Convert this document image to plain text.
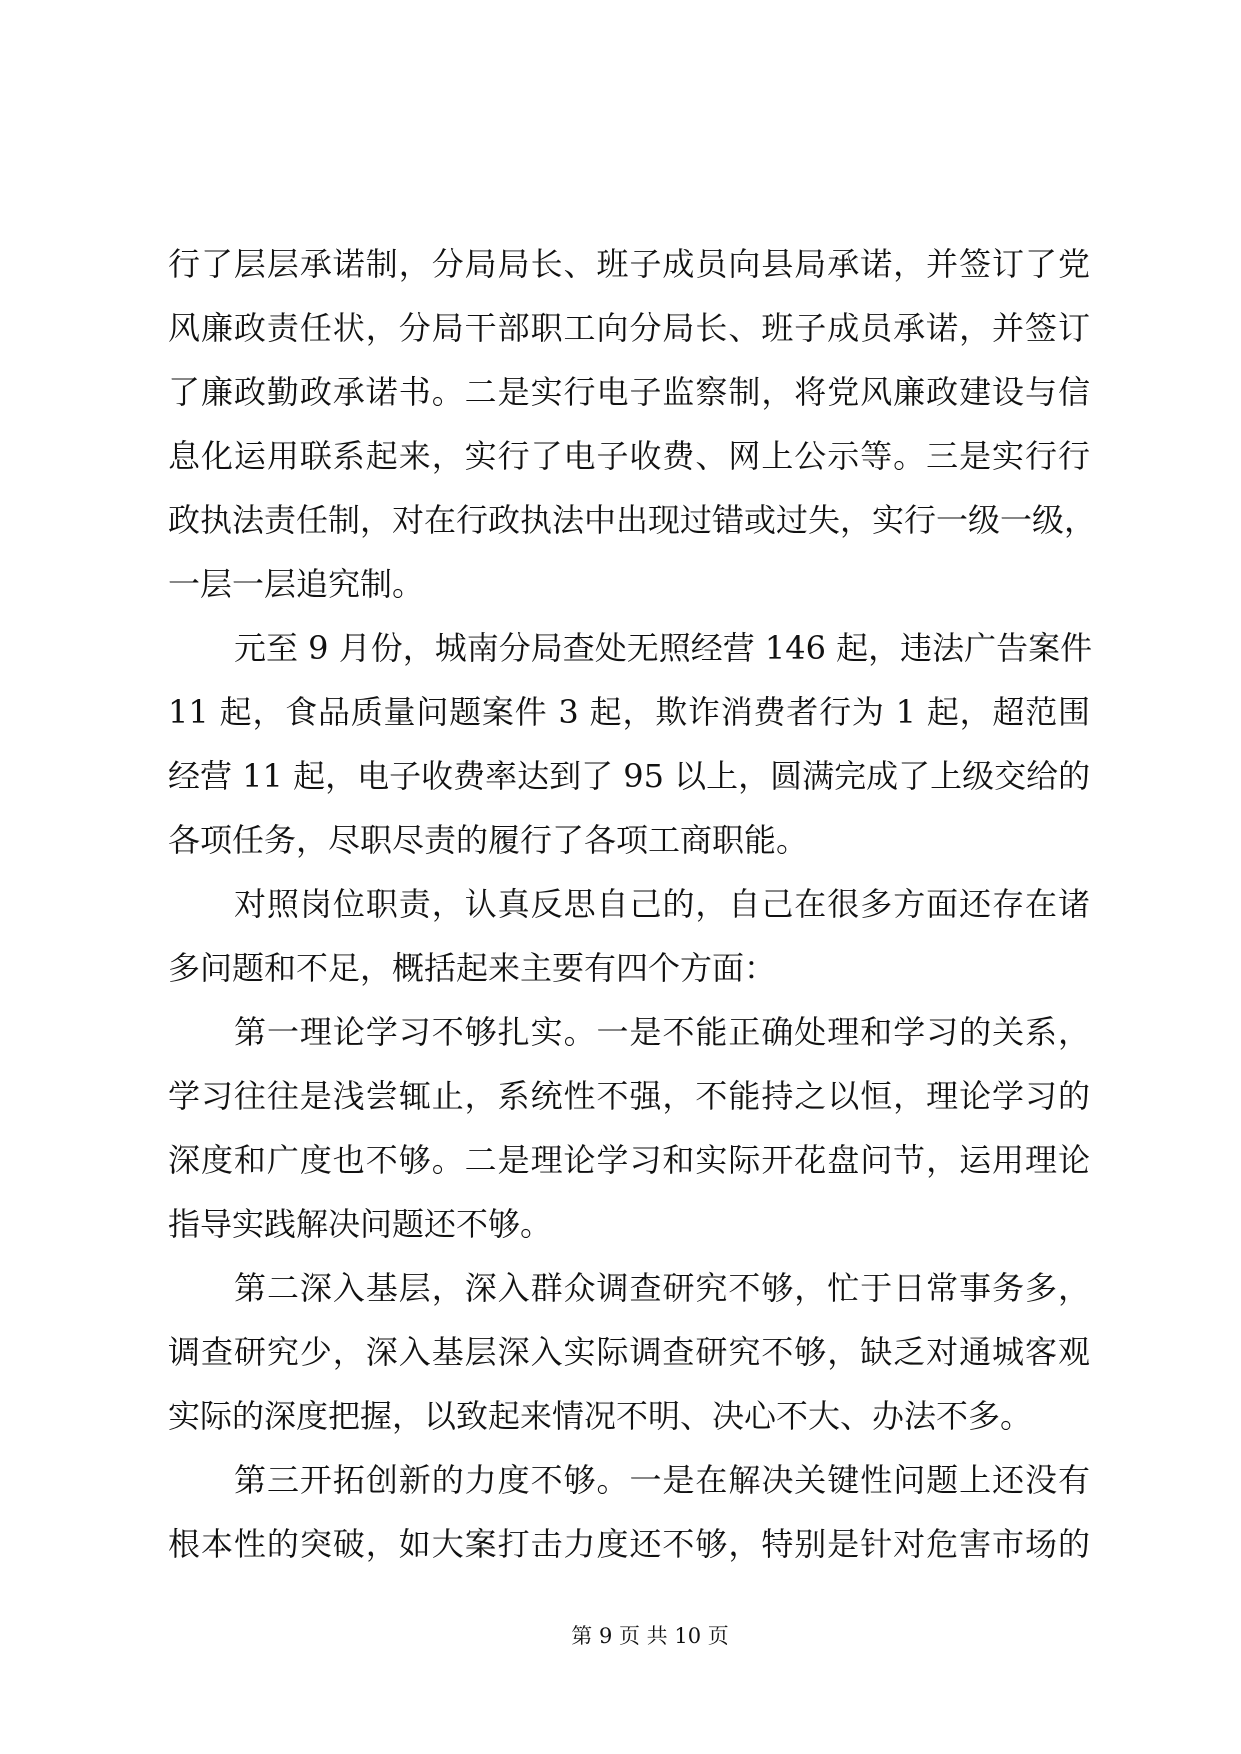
行了层层承诺制，分局局长、班子成员向县局承诺，并签订了党
风廉政责任状，分局干部职工向分局长、班子成员承诺，并签订
了廉政勤政承诺书。二是实行电子监察制，将党风廉政建设与信
息化运用联系起来，实行了电子收费、网上公示等。三是实行行
政执法责任制，对在行政执法中出现过错或过失，实行一级一级，
一层一层追究制。
元至 9 月份，城南分局查处无照经营 146 起，违法广告案件
11 起，食品质量问题案件 3 起，欺诈消费者行为 1 起，超范围
经营 11 起，电子收费率达到了 95 以上，圆满完成了上级交给的
各项任务，尽职尽责的履行了各项工商职能。
对照岗位职责，认真反思自己的，自己在很多方面还存在诸
多问题和不足，概括起来主要有四个方面：
第一理论学习不够扎实。一是不能正确处理和学习的关系，
学习往往是浅尝辄止，系统性不强，不能持之以恒，理论学习的
深度和广度也不够。二是理论学习和实际开花盘问节，运用理论
指导实践解决问题还不够。
第二深入基层，深入群众调查研究不够，忙于日常事务多，
调查研究少，深入基层深入实际调查研究不够，缺乏对通城客观
实际的深度把握，以致起来情况不明、决心不大、办法不多。
第三开拓创新的力度不够。一是在解决关键性问题上还没有
根本性的突破，如大案打击力度还不够，特别是针对危害市场的
第 9 页 共 10 页
